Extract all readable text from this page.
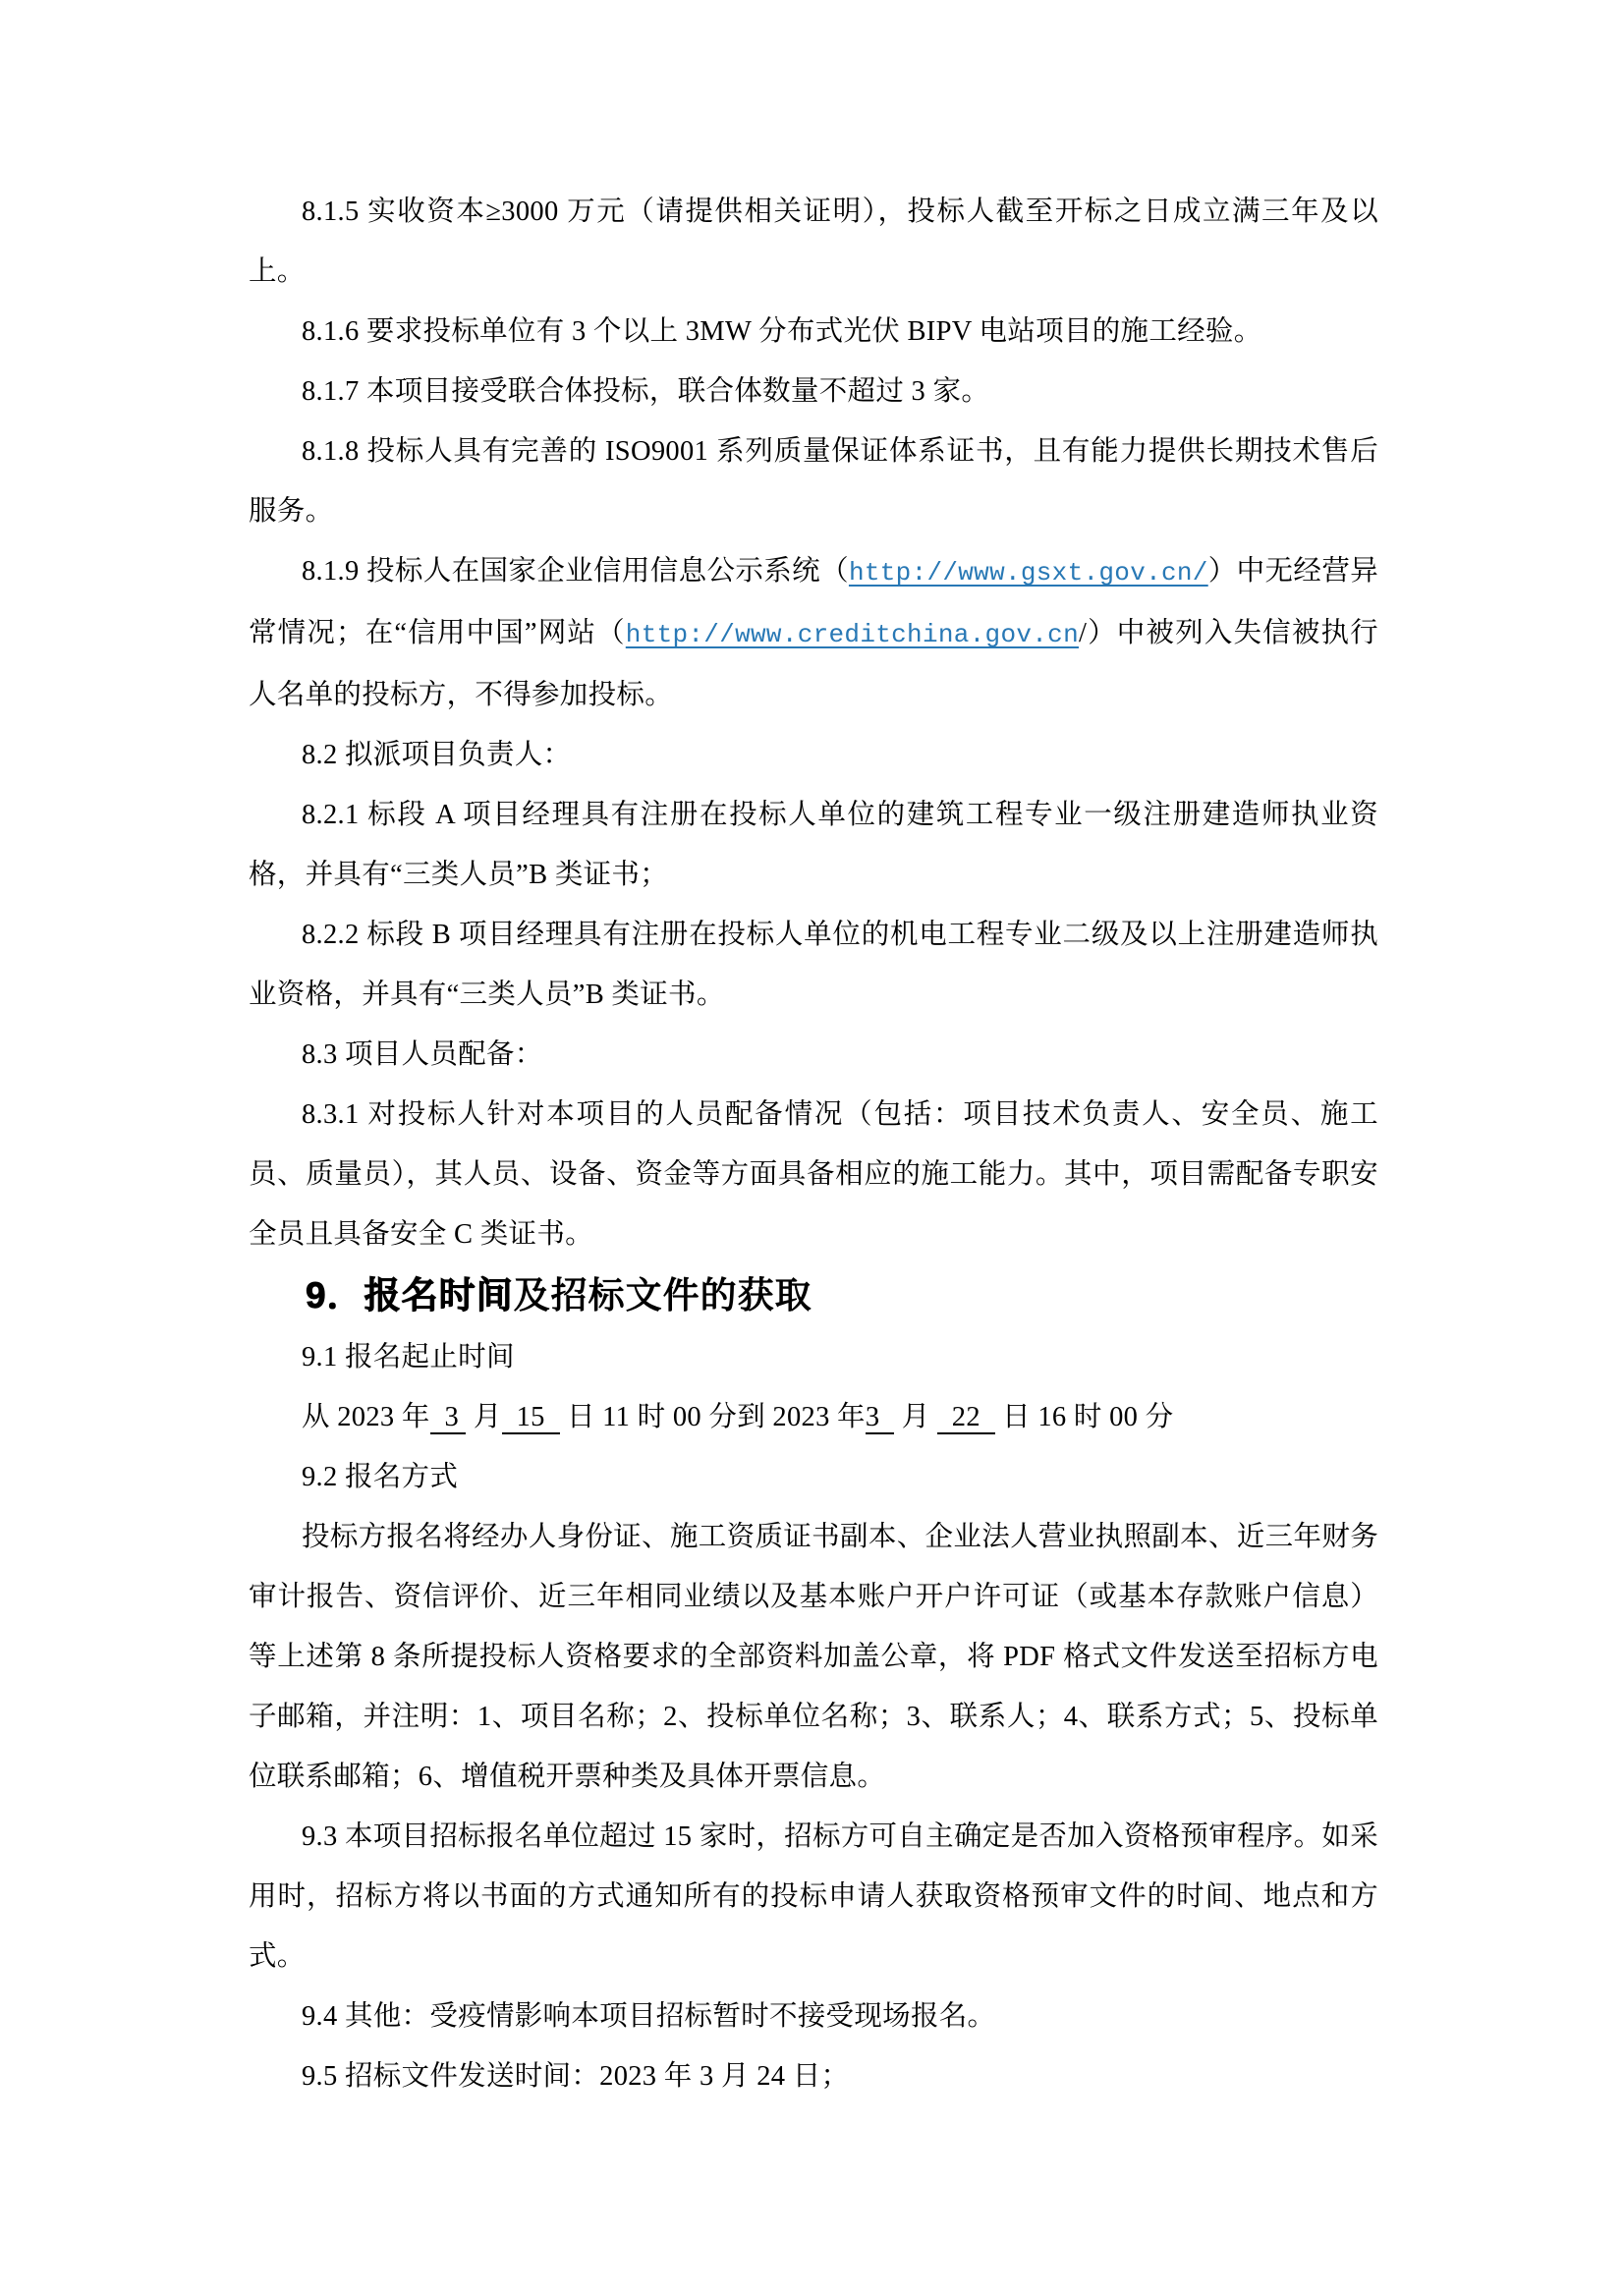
8.1.5 实收资本≥3000 万元（请提供相关证明），投标人截至开标之日成立满三年及以上。

8.1.6 要求投标单位有 3 个以上 3MW 分布式光伏 BIPV 电站项目的施工经验。

8.1.7 本项目接受联合体投标，联合体数量不超过 3 家。

8.1.8 投标人具有完善的 ISO9001 系列质量保证体系证书，且有能力提供长期技术售后服务。

8.1.9 投标人在国家企业信用信息公示系统（http://www.gsxt.gov.cn/）中无经营异常情况；在“信用中国”网站（http://www.creditchina.gov.cn/）中被列入失信被执行人名单的投标方，不得参加投标。

8.2 拟派项目负责人：

8.2.1 标段 A 项目经理具有注册在投标人单位的建筑工程专业一级注册建造师执业资格，并具有“三类人员”B 类证书；

8.2.2 标段 B 项目经理具有注册在投标人单位的机电工程专业二级及以上注册建造师执业资格，并具有“三类人员”B 类证书。

8.3 项目人员配备：

8.3.1 对投标人针对本项目的人员配备情况（包括：项目技术负责人、安全员、施工员、质量员），其人员、设备、资金等方面具备相应的施工能力。其中，项目需配备专职安全员且具备安全 C 类证书。

9．报名时间及招标文件的获取

9.1 报名起止时间

从 2023 年  3  月  15   日 11 时 00 分到 2023 年3   月   22   日 16 时 00 分

9.2 报名方式

投标方报名将经办人身份证、施工资质证书副本、企业法人营业执照副本、近三年财务审计报告、资信评价、近三年相同业绩以及基本账户开户许可证（或基本存款账户信息）等上述第 8 条所提投标人资格要求的全部资料加盖公章，将 PDF 格式文件发送至招标方电子邮箱，并注明：1、项目名称；2、投标单位名称；3、联系人；4、联系方式；5、投标单位联系邮箱；6、增值税开票种类及具体开票信息。

9.3 本项目招标报名单位超过 15 家时，招标方可自主确定是否加入资格预审程序。如采用时，招标方将以书面的方式通知所有的投标申请人获取资格预审文件的时间、地点和方式。

9.4 其他：受疫情影响本项目招标暂时不接受现场报名。

9.5 招标文件发送时间：2023 年 3 月 24 日；
